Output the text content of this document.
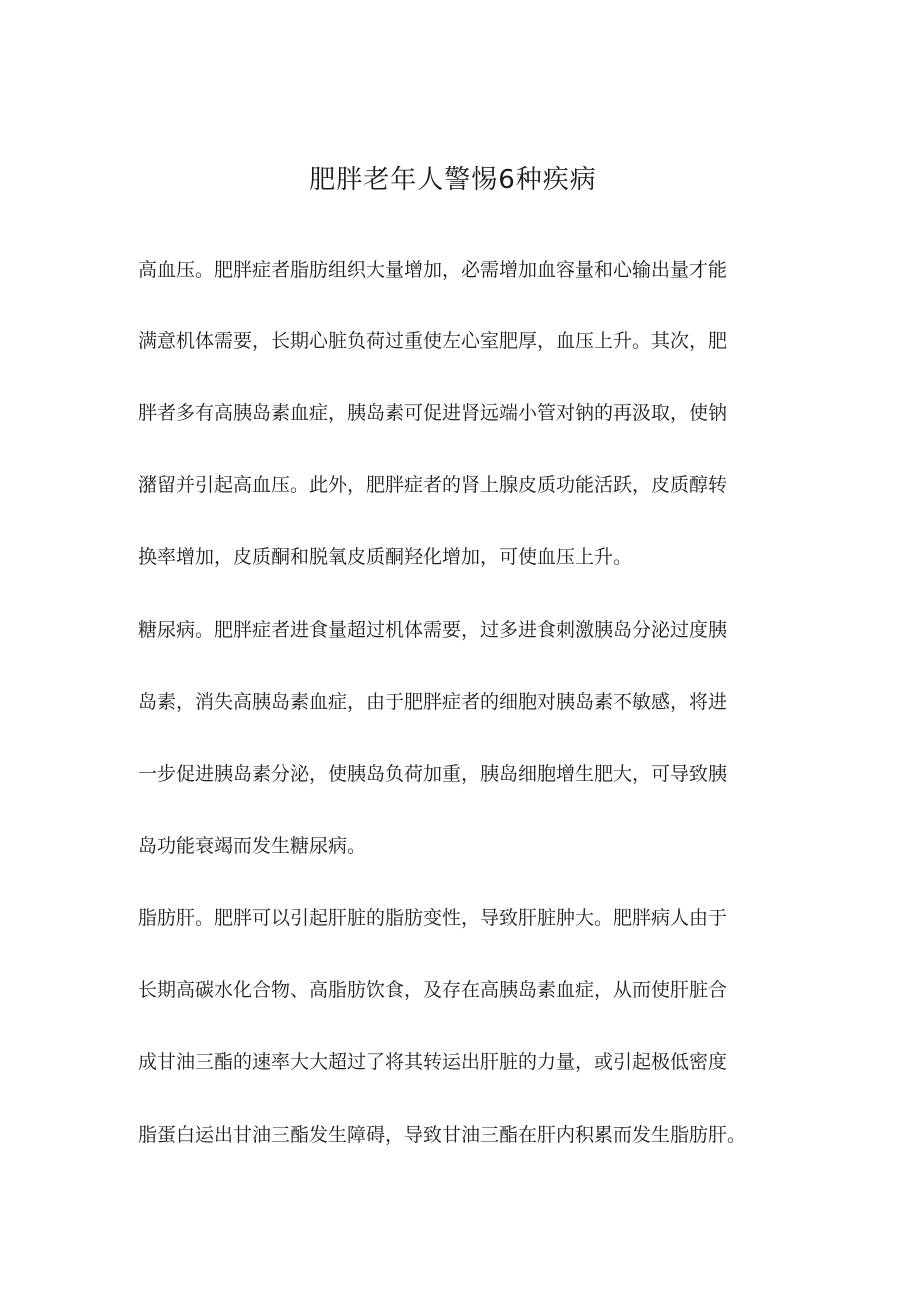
肥胖老年人警惕6种疾病

高血压。肥胖症者脂肪组织大量增加，必需增加血容量和心输出量才能

满意机体需要，长期心脏负荷过重使左心室肥厚，血压上升。其次，肥

胖者多有高胰岛素血症，胰岛素可促进肾远端小管对钠的再汲取，使钠

潴留并引起高血压。此外，肥胖症者的肾上腺皮质功能活跃，皮质醇转

换率增加，皮质酮和脱氧皮质酮羟化增加，可使血压上升。

糖尿病。肥胖症者进食量超过机体需要，过多进食刺激胰岛分泌过度胰

岛素，消失高胰岛素血症，由于肥胖症者的细胞对胰岛素不敏感，将进

一步促进胰岛素分泌，使胰岛负荷加重，胰岛细胞增生肥大，可导致胰

岛功能衰竭而发生糖尿病。

脂肪肝。肥胖可以引起肝脏的脂肪变性，导致肝脏肿大。肥胖病人由于

长期高碳水化合物、高脂肪饮食，及存在高胰岛素血症，从而使肝脏合

成甘油三酯的速率大大超过了将其转运出肝脏的力量，或引起极低密度

脂蛋白运出甘油三酯发生障碍，导致甘油三酯在肝内积累而发生脂肪肝。
